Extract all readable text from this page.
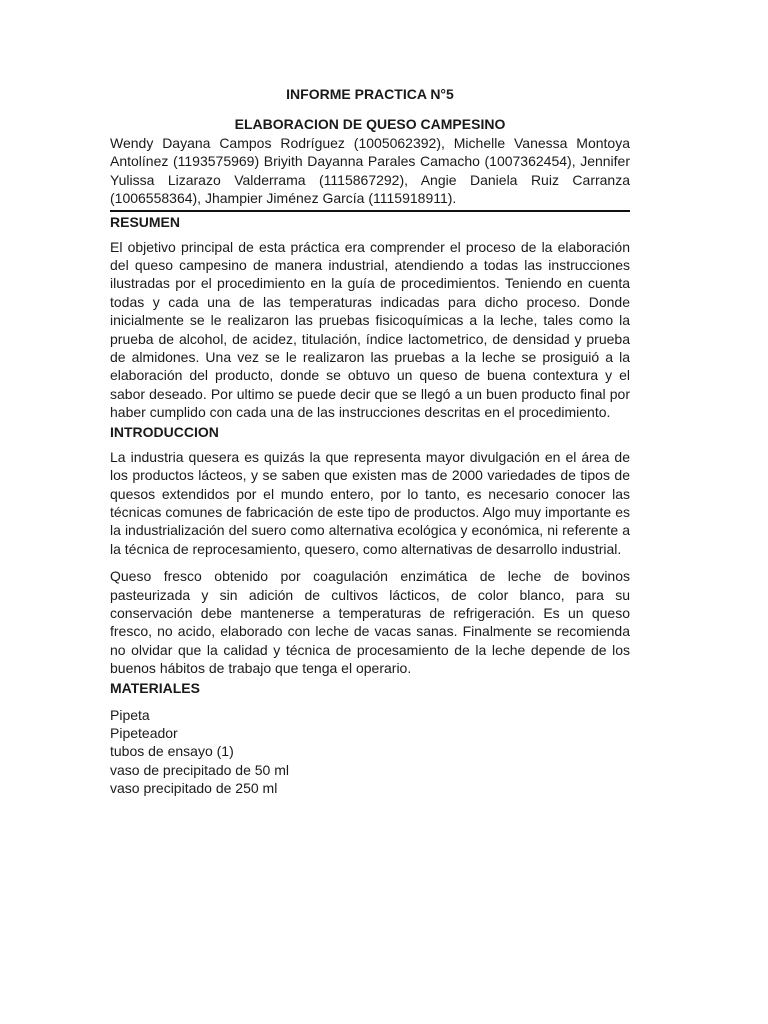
INFORME PRACTICA N°5
ELABORACION DE QUESO CAMPESINO

Wendy Dayana Campos Rodríguez (1005062392), Michelle Vanessa Montoya Antolínez (1193575969) Briyith Dayanna Parales Camacho (1007362454), Jennifer Yulissa Lizarazo Valderrama (1115867292), Angie Daniela Ruiz Carranza (1006558364), Jhampier Jiménez García (1115918911).

RESUMEN

El objetivo principal de esta práctica era comprender el proceso de la elaboración del queso campesino de manera industrial, atendiendo a todas las instrucciones ilustradas por el procedimiento en la guía de procedimientos. Teniendo en cuenta todas y cada una de las temperaturas indicadas para dicho proceso. Donde inicialmente se le realizaron las pruebas fisicoquímicas a la leche, tales como la prueba de alcohol, de acidez, titulación, índice lactometrico, de densidad y prueba de almidones. Una vez se le realizaron las pruebas a la leche se prosiguió a la elaboración del producto, donde se obtuvo un queso de buena contextura y el sabor deseado. Por ultimo se puede decir que se llegó a un buen producto final por haber cumplido con cada una de las instrucciones descritas en el procedimiento.

INTRODUCCION

La industria quesera es quizás la que representa mayor divulgación en el área de los productos lácteos, y se saben que existen mas de 2000 variedades de tipos de quesos extendidos por el mundo entero, por lo tanto, es necesario conocer las técnicas comunes de fabricación de este tipo de productos. Algo muy importante es la industrialización del suero como alternativa ecológica y económica, ni referente a la técnica de reprocesamiento, quesero, como alternativas de desarrollo industrial.

Queso fresco obtenido por coagulación enzimática de leche de bovinos pasteurizada y sin adición de cultivos lácticos, de color blanco, para su conservación debe mantenerse a temperaturas de refrigeración. Es un queso fresco, no acido, elaborado con leche de vacas sanas. Finalmente se recomienda no olvidar que la calidad y técnica de procesamiento de la leche depende de los buenos hábitos de trabajo que tenga el operario.

MATERIALES
Pipeta
Pipeteador
tubos de ensayo (1)
vaso de precipitado de 50 ml
vaso precipitado de 250 ml
